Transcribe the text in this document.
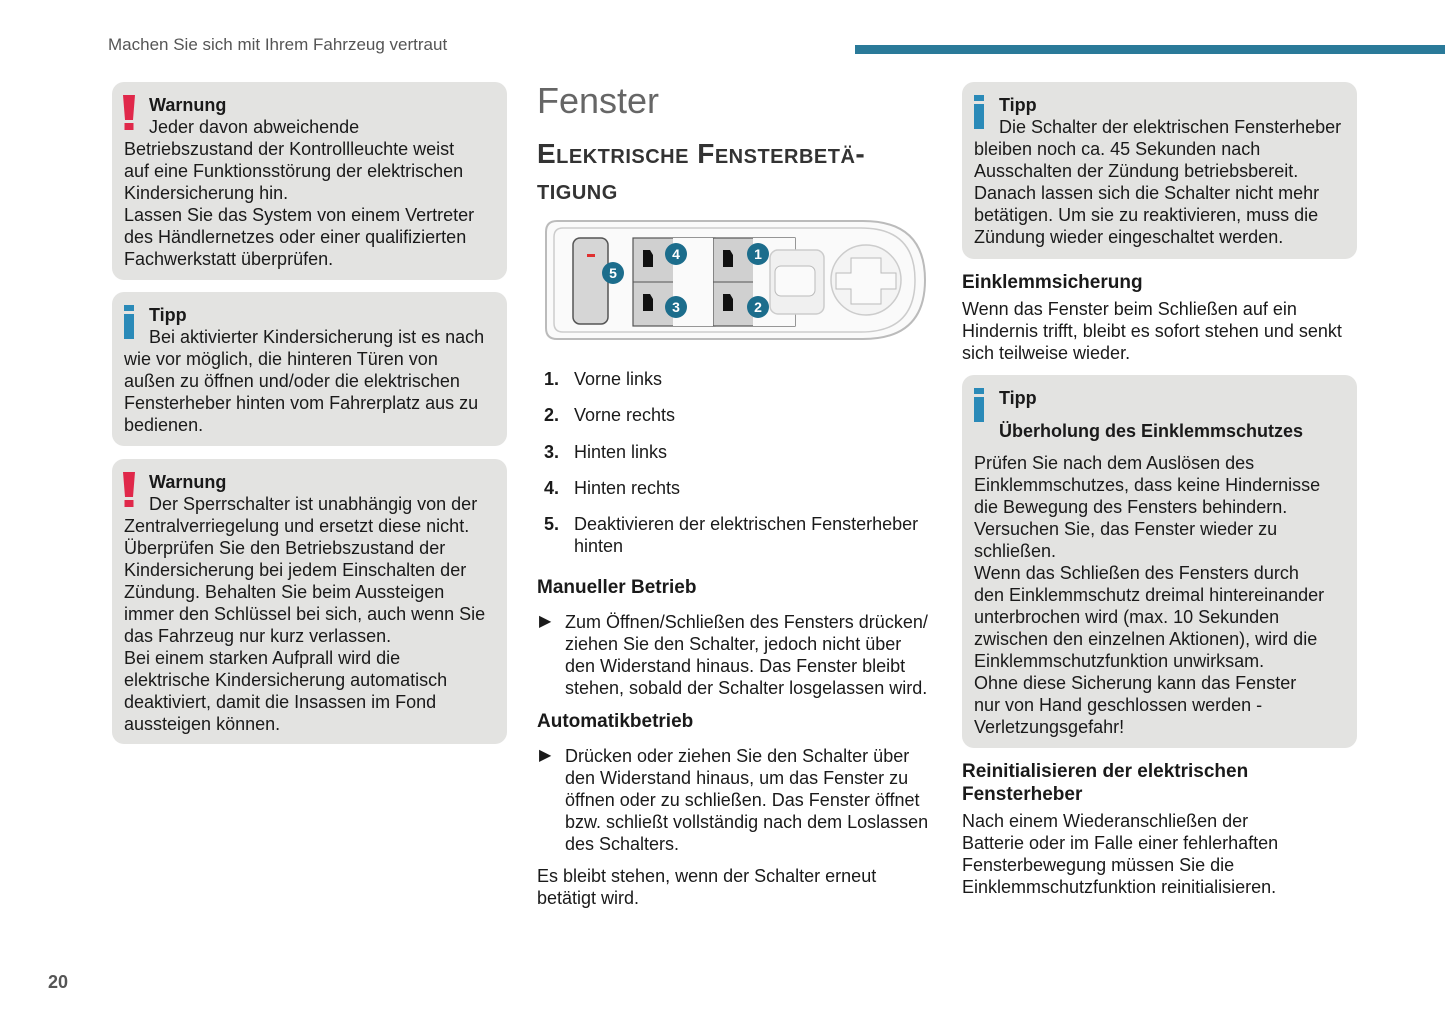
Machen Sie sich mit Ihrem Fahrzeug vertraut
20
Warnung
Jeder davon abweichende
Betriebszustand der Kontrollleuchte weist
auf eine Funktionsstörung der elektrischen
Kindersicherung hin.
Lassen Sie das System von einem Vertreter
des Händlernetzes oder einer qualifizierten
Fachwerkstatt überprüfen.
Tipp
Bei aktivierter Kindersicherung ist es nach
wie vor möglich, die hinteren Türen von
außen zu öffnen und/oder die elektrischen
Fensterheber hinten vom Fahrerplatz aus zu
bedienen.
Warnung
Der Sperrschalter ist unabhängig von der
Zentralverriegelung und ersetzt diese nicht.
Überprüfen Sie den Betriebszustand der
Kindersicherung bei jedem Einschalten der
Zündung. Behalten Sie beim Aussteigen
immer den Schlüssel bei sich, auch wenn Sie
das Fahrzeug nur kurz verlassen.
Bei einem starken Aufprall wird die
elektrische Kindersicherung automatisch
deaktiviert, damit die Insassen im Fond
aussteigen können.
Fenster
Elektrische Fensterbetä-
tigung
5
4
3
1
2
1. Vorne links
2. Vorne rechts
3. Hinten links
4. Hinten rechts
5. Deaktivieren der elektrischen Fensterheber
hinten
Manueller Betrieb
▶ Zum Öffnen/Schließen des Fensters drücken/
ziehen Sie den Schalter, jedoch nicht über
den Widerstand hinaus. Das Fenster bleibt
stehen, sobald der Schalter losgelassen wird.
Automatikbetrieb
▶ Drücken oder ziehen Sie den Schalter über
den Widerstand hinaus, um das Fenster zu
öffnen oder zu schließen. Das Fenster öffnet
bzw. schließt vollständig nach dem Loslassen
des Schalters.
Es bleibt stehen, wenn der Schalter erneut
betätigt wird.
Tipp
Die Schalter der elektrischen Fensterheber
bleiben noch ca. 45 Sekunden nach
Ausschalten der Zündung betriebsbereit.
Danach lassen sich die Schalter nicht mehr
betätigen. Um sie zu reaktivieren, muss die
Zündung wieder eingeschaltet werden.
Einklemmsicherung
Wenn das Fenster beim Schließen auf ein
Hindernis trifft, bleibt es sofort stehen und senkt
sich teilweise wieder.
Tipp
Überholung des Einklemmschutzes
Prüfen Sie nach dem Auslösen des
Einklemmschutzes, dass keine Hindernisse
die Bewegung des Fensters behindern.
Versuchen Sie, das Fenster wieder zu
schließen.
Wenn das Schließen des Fensters durch
den Einklemmschutz dreimal hintereinander
unterbrochen wird (max. 10 Sekunden
zwischen den einzelnen Aktionen), wird die
Einklemmschutzfunktion unwirksam.
Ohne diese Sicherung kann das Fenster
nur von Hand geschlossen werden -
Verletzungsgefahr!
Reinitialisieren der elektrischen
Fensterheber
Nach einem Wiederanschließen der
Batterie oder im Falle einer fehlerhaften
Fensterbewegung müssen Sie die
Einklemmschutzfunktion reinitialisieren.
